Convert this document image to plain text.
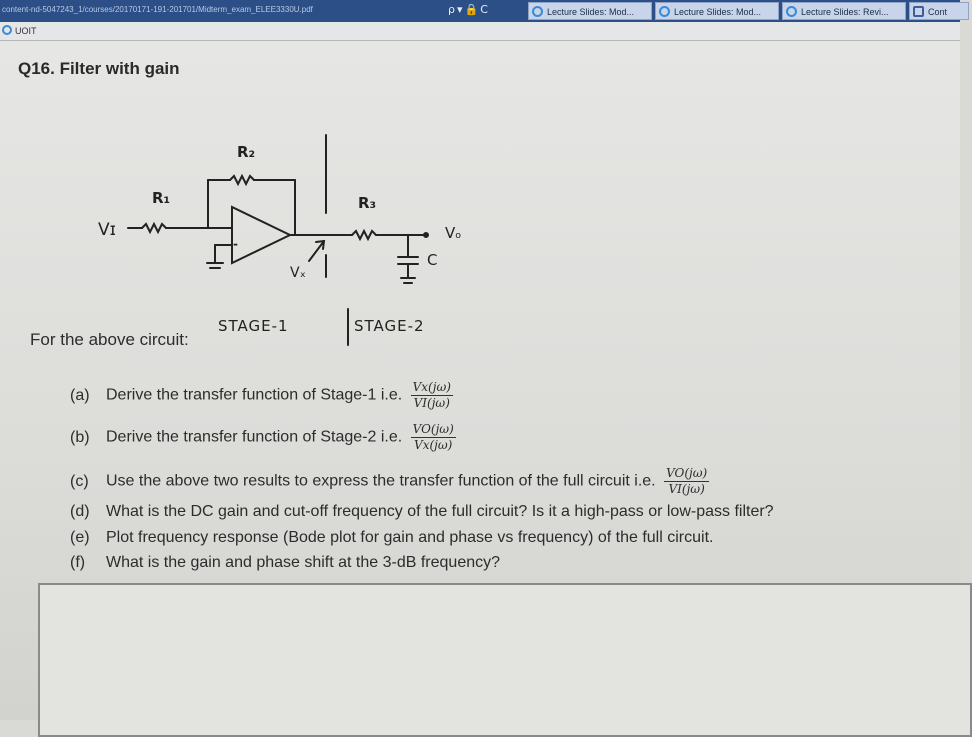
content-nd-5047243_1/courses/20170171-191-201701/Midterm_exam_ELEE3330U.pdf	ρ▾🔒C	Lecture Slides: Mod...	Lecture Slides: Mod...	Lecture Slides: Revi...	Cont
UOIT
Q16. Filter with gain
Vɪ
R₁
R₂
R₃
Vₒ
Vₓ
C
-
STAGE-1	STAGE-2
For the above circuit:
(a) Derive the transfer function of Stage-1 i.e. $\frac{Vx(j\omega)}{VI(j\omega)}$
(b) Derive the transfer function of Stage-2 i.e. $\frac{VO(j\omega)}{Vx(j\omega)}$
(c) Use the above two results to express the transfer function of the full circuit i.e. $\frac{VO(j\omega)}{VI(j\omega)}$
(d) What is the DC gain and cut-off frequency of the full circuit? Is it a high-pass or low-pass filter?
(e) Plot frequency response (Bode plot for gain and phase vs frequency) of the full circuit.
(f) What is the gain and phase shift at the 3-dB frequency?
